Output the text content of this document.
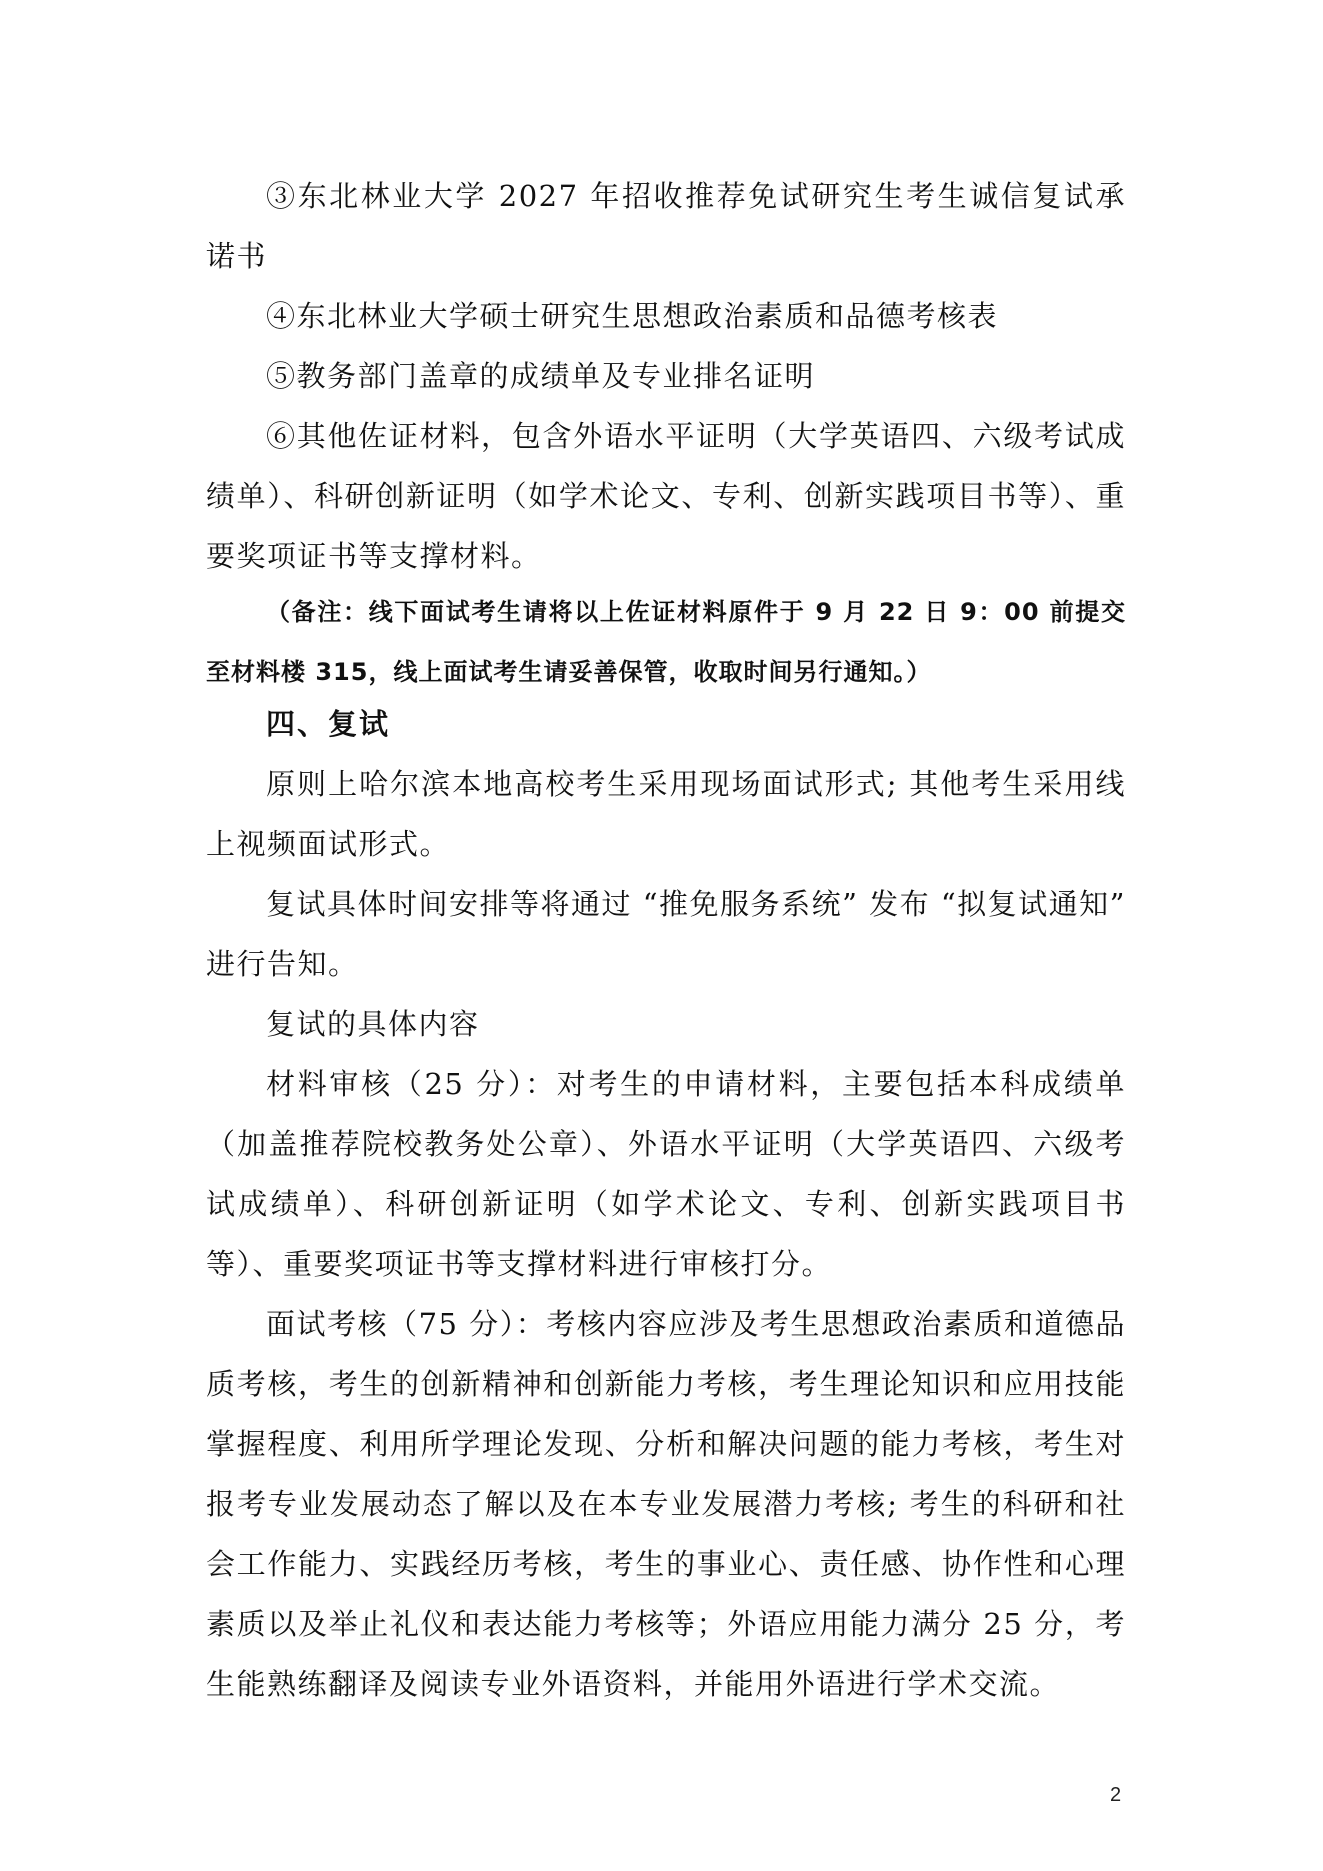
③东北林业大学 2027 年招收推荐免试研究生考生诚信复试承诺书

④东北林业大学硕士研究生思想政治素质和品德考核表

⑤教务部门盖章的成绩单及专业排名证明

⑥其他佐证材料，包含外语水平证明（大学英语四、六级考试成绩单）、科研创新证明（如学术论文、专利、创新实践项目书等）、重要奖项证书等支撑材料。

（备注：线下面试考生请将以上佐证材料原件于 9 月 22 日 9：00 前提交至材料楼 315，线上面试考生请妥善保管，收取时间另行通知。）

四、复试

原则上哈尔滨本地高校考生采用现场面试形式; 其他考生采用线上视频面试形式。

复试具体时间安排等将通过 “推免服务系统” 发布 “拟复试通知” 进行告知。

复试的具体内容

材料审核（25 分）：对考生的申请材料，主要包括本科成绩单（加盖推荐院校教务处公章）、外语水平证明（大学英语四、六级考试成绩单）、科研创新证明（如学术论文、专利、创新实践项目书等）、重要奖项证书等支撑材料进行审核打分。

面试考核（75 分）：考核内容应涉及考生思想政治素质和道德品质考核，考生的创新精神和创新能力考核，考生理论知识和应用技能掌握程度、利用所学理论发现、分析和解决问题的能力考核，考生对报考专业发展动态了解以及在本专业发展潜力考核; 考生的科研和社会工作能力、实践经历考核，考生的事业心、责任感、协作性和心理素质以及举止礼仪和表达能力考核等；外语应用能力满分 25 分，考生能熟练翻译及阅读专业外语资料，并能用外语进行学术交流。

2
